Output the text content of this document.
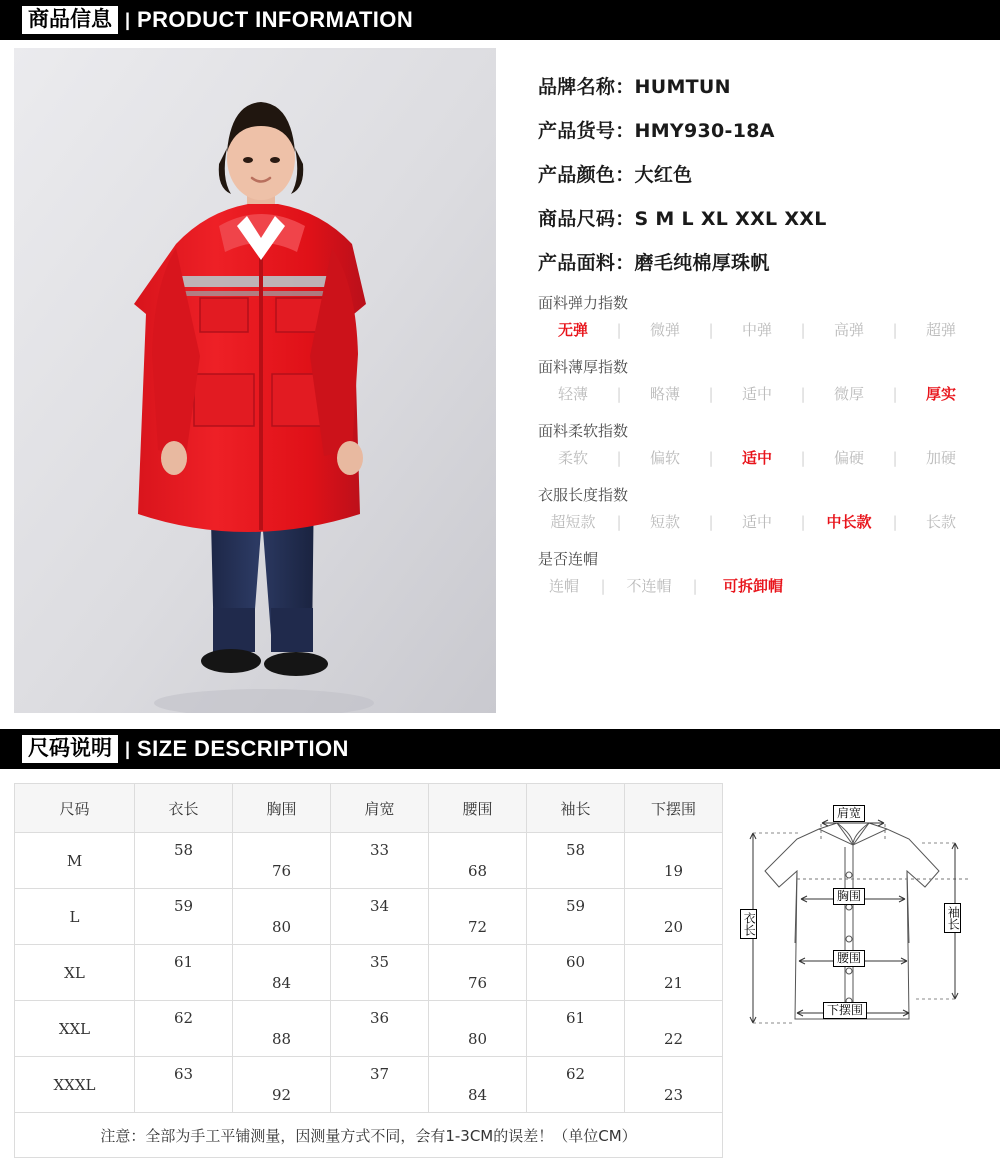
商品信息 | PRODUCT INFORMATION
品牌名称：HUMTUN
产品货号：HMY930-18A
产品颜色：大红色
商品尺码：S M L XL XXL XXL
产品面料：磨毛纯棉厚珠帆
面料弹力指数
无弹	|	微弹	|	中弹	|	高弹	|	超弹
面料薄厚指数
轻薄	|	略薄	|	适中	|	微厚	|	厚实
面料柔软指数
柔软	|	偏软	|	适中	|	偏硬	|	加硬
衣服长度指数
超短款	|	短款	|	适中	|	中长款	|	长款
是否连帽
连帽	|	不连帽	|	可拆卸帽
尺码说明 | SIZE DESCRIPTION
尺码	衣长	胸围	肩宽	腰围	袖长	下摆围
M	58	76	33	68	58	19
L	59	80	34	72	59	20
XL	61	84	35	76	60	21
XXL	62	88	36	80	61	22
XXXL	63	92	37	84	62	23
注意：全部为手工平铺测量，因测量方式不同，会有1-3CM的误差！（单位CM）						
肩宽
胸围
腰围
下摆围
衣长	袖长
